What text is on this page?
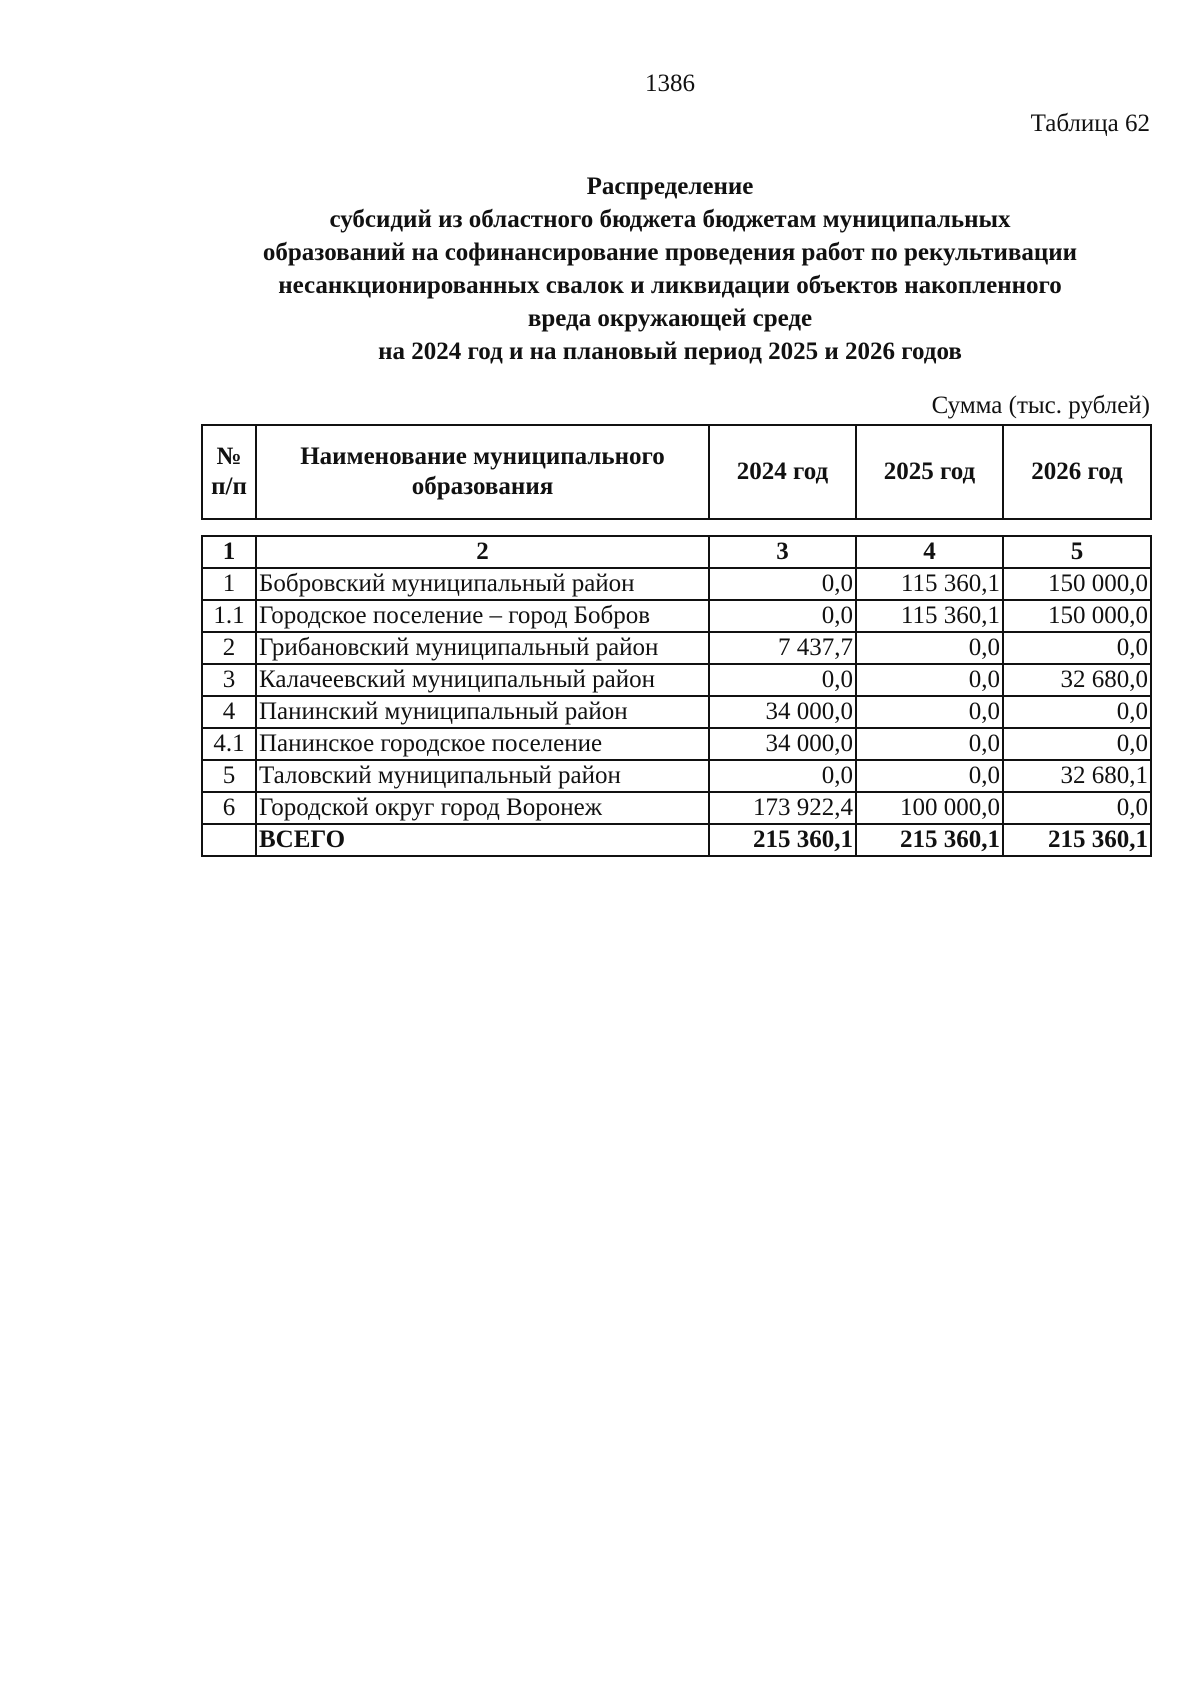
1386
Таблица 62
Распределение
субсидий из областного бюджета бюджетам муниципальных
образований на софинансирование проведения работ по рекультивации
несанкционированных свалок и ликвидации объектов накопленного
вреда окружающей среде
на 2024 год и на плановый период 2025 и 2026 годов
Сумма (тыс. рублей)
№ п/п	Наименование муниципального образования	2024 год	2025 год	2026 год
1	2	3	4	5
1	Бобровский муниципальный район	0,0	115 360,1	150 000,0
1.1	Городское поселение – город Бобров	0,0	115 360,1	150 000,0
2	Грибановский муниципальный район	7 437,7	0,0	0,0
3	Калачеевский муниципальный район	0,0	0,0	32 680,0
4	Панинский муниципальный район	34 000,0	0,0	0,0
4.1	Панинское городское поселение	34 000,0	0,0	0,0
5	Таловский муниципальный район	0,0	0,0	32 680,1
6	Городской округ город Воронеж	173 922,4	100 000,0	0,0
	ВСЕГО	215 360,1	215 360,1	215 360,1
